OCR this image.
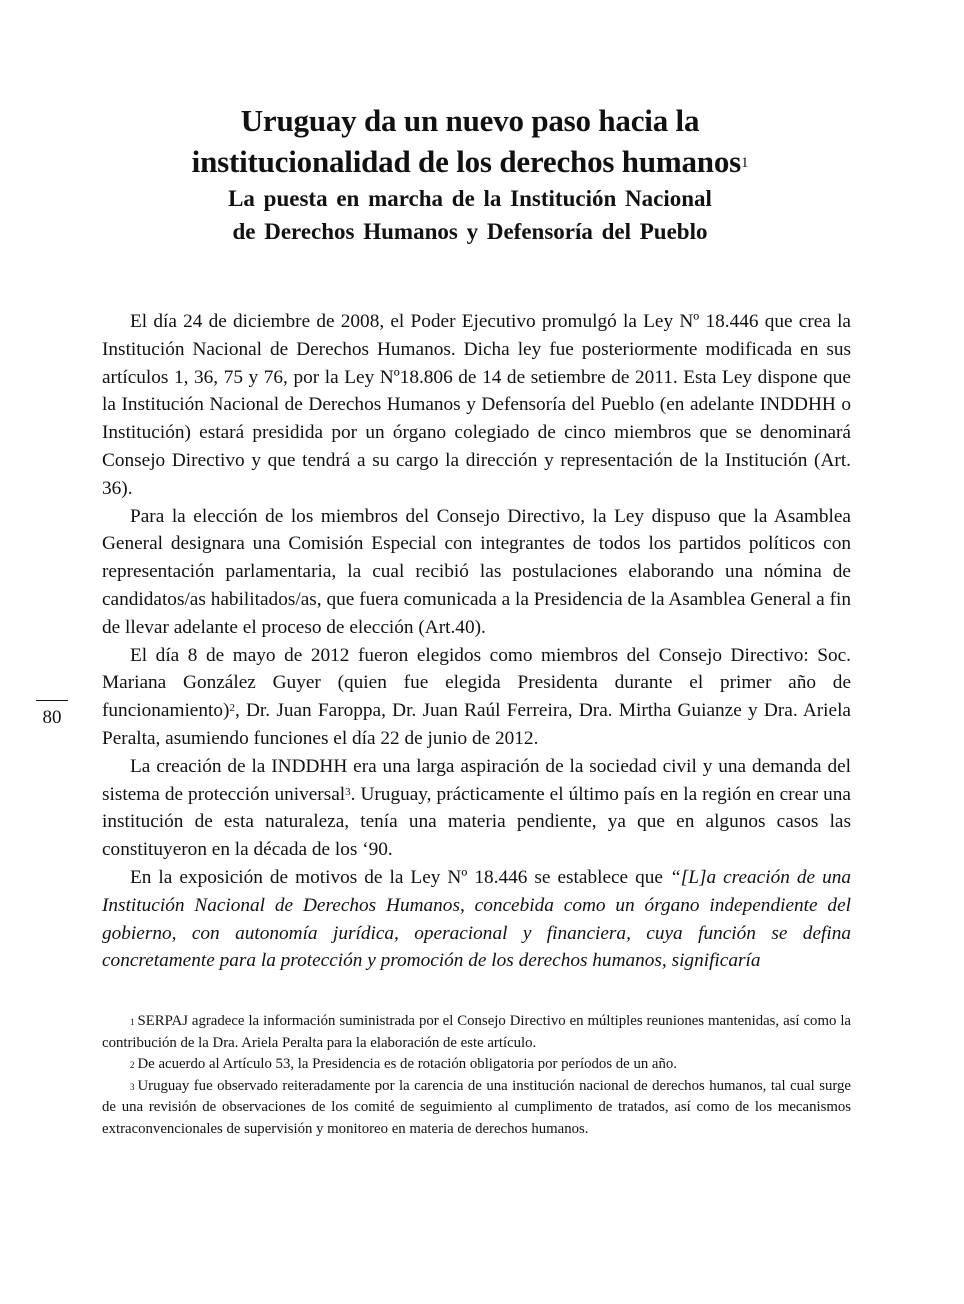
Uruguay da un nuevo paso hacia la
institucionalidad de los derechos humanos$^1$
La puesta en marcha de la Institución Nacional
de Derechos Humanos y Defensoría del Pueblo
80

El día 24 de diciembre de 2008, el Poder Ejecutivo promulgó la Ley Nº 18.446 que crea la Institución Nacional de Derechos Humanos. Dicha ley fue posteriormente modificada en sus artículos 1, 36, 75 y 76, por la Ley Nº18.806 de 14 de setiembre de 2011. Esta Ley dispone que la Institución Nacional de Derechos Humanos y Defensoría del Pueblo (en adelante INDDHH o Institución) estará presidida por un órgano colegiado de cinco miembros que se denominará Consejo Directivo y que tendrá a su cargo la dirección y representación de la Institución (Art. 36).

Para la elección de los miembros del Consejo Directivo, la Ley dispuso que la Asamblea General designara una Comisión Especial con integrantes de todos los partidos políticos con representación parlamentaria, la cual recibió las postulaciones elaborando una nómina de candidatos/as habilitados/as, que fuera comunicada a la Presidencia de la Asamblea General a fin de llevar adelante el proceso de elección (Art.40).

El día 8 de mayo de 2012 fueron elegidos como miembros del Consejo Directivo: Soc. Mariana González Guyer (quien fue elegida Presidenta durante el primer año de funcionamiento)$^2$, Dr. Juan Faroppa, Dr. Juan Raúl Ferreira, Dra. Mirtha Guianze y Dra. Ariela Peralta, asumiendo funciones el día 22 de junio de 2012.

La creación de la INDDHH era una larga aspiración de la sociedad civil y una demanda del sistema de protección universal$^3$. Uruguay, prácticamente el último país en la región en crear una institución de esta naturaleza, tenía una materia pendiente, ya que en algunos casos las constituyeron en la década de los ‘90.

En la exposición de motivos de la Ley Nº 18.446 se establece que “[L]a creación de una Institución Nacional de Derechos Humanos, concebida como un órgano independiente del gobierno, con autonomía jurídica, operacional y financiera, cuya función se defina concretamente para la protección y promoción de los derechos humanos, significaría

$^1$ SERPAJ agradece la información suministrada por el Consejo Directivo en múltiples reuniones mantenidas, así como la contribución de la Dra. Ariela Peralta para la elaboración de este artículo.

$^2$ De acuerdo al Artículo 53, la Presidencia es de rotación obligatoria por períodos de un año.

$^3$ Uruguay fue observado reiteradamente por la carencia de una institución nacional de derechos humanos, tal cual surge de una revisión de observaciones de los comité de seguimiento al cumplimento de tratados, así como de los mecanismos extraconvencionales de supervisión y monitoreo en materia de derechos humanos.
